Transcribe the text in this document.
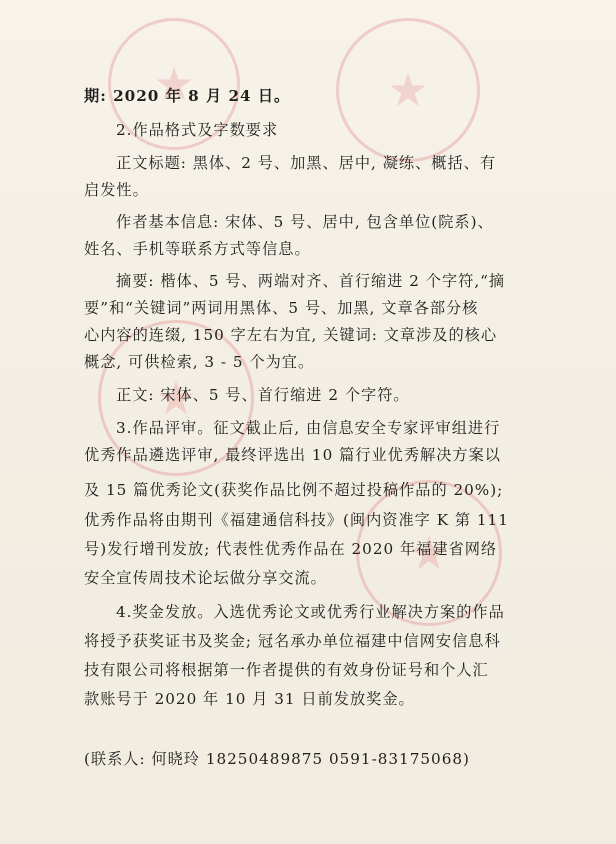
★
★
★
★
期: 2020 年 8 月 24 日。
2.作品格式及字数要求
正文标题: 黑体、2 号、加黑、居中, 凝练、概括、有
启发性。
作者基本信息: 宋体、5 号、居中, 包含单位(院系)、
姓名、手机等联系方式等信息。
摘要: 楷体、5 号、两端对齐、首行缩进 2 个字符,“摘
要”和“关键词”两词用黑体、5 号、加黑, 文章各部分核
心内容的连缀, 150 字左右为宜, 关键词: 文章涉及的核心
概念, 可供检索, 3 - 5 个为宜。
正文: 宋体、5 号、首行缩进 2 个字符。
3.作品评审。征文截止后, 由信息安全专家评审组进行
优秀作品遴选评审, 最终评选出 10 篇行业优秀解决方案以
及 15 篇优秀论文(获奖作品比例不超过投稿作品的 20%);
优秀作品将由期刊《福建通信科技》(闽内资准字 K 第 111
号)发行增刊发放; 代表性优秀作品在 2020 年福建省网络
安全宣传周技术论坛做分享交流。
4.奖金发放。入选优秀论文或优秀行业解决方案的作品
将授予获奖证书及奖金; 冠名承办单位福建中信网安信息科
技有限公司将根据第一作者提供的有效身份证号和个人汇
款账号于 2020 年 10 月 31 日前发放奖金。
(联系人: 何晓玲 18250489875 0591-83175068)
